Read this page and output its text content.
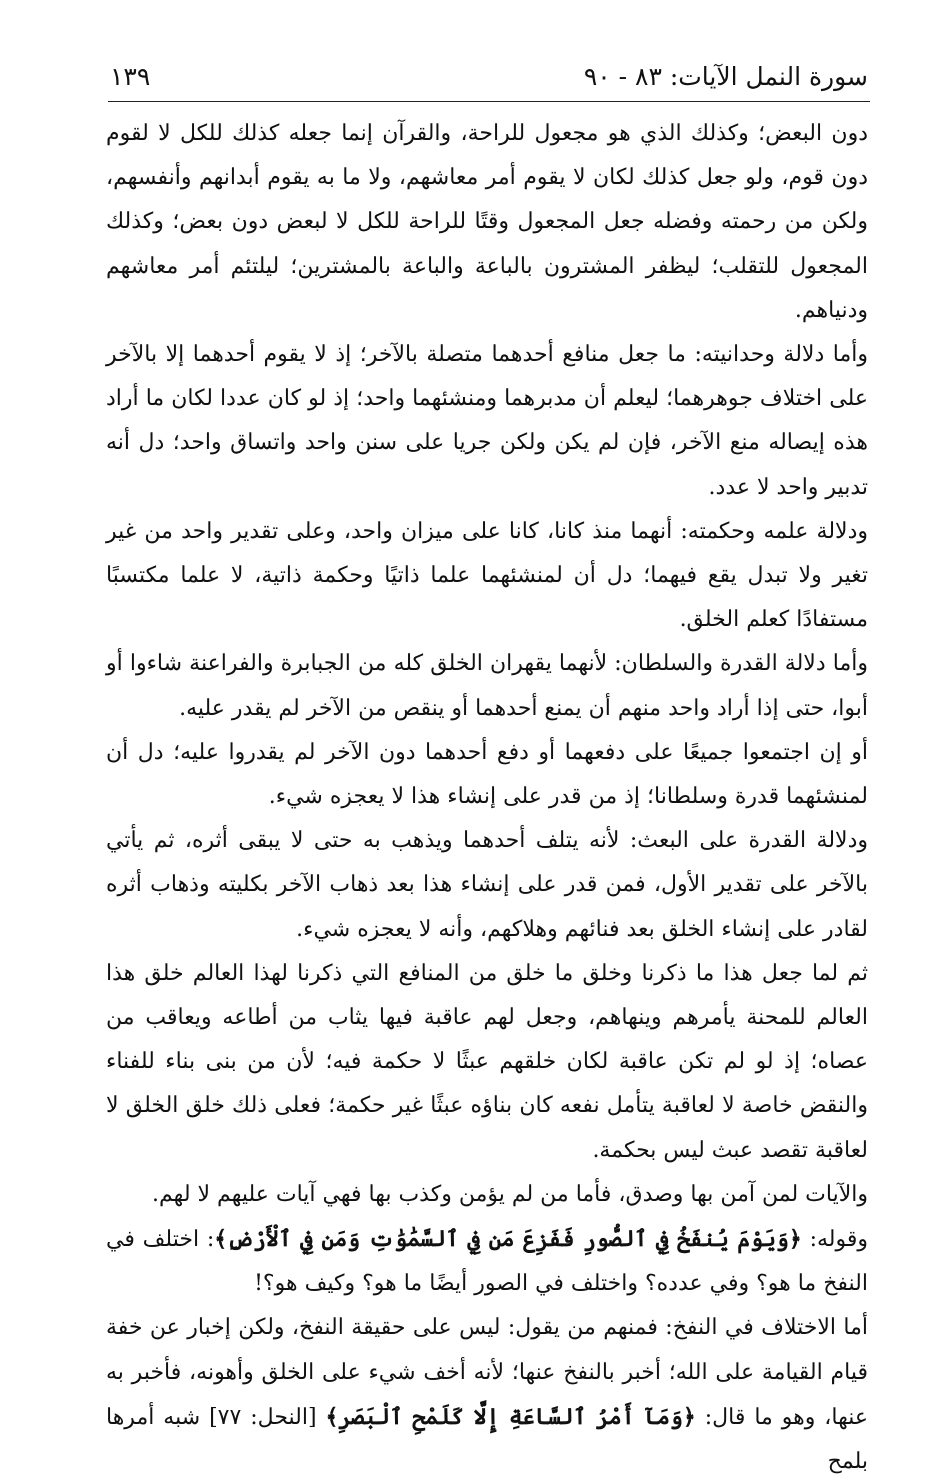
سورة النمل الآيات: ٨٣ - ٩٠
١٣٩

دون البعض؛ وكذلك الذي هو مجعول للراحة، والقرآن إنما جعله كذلك للكل لا لقوم دون قوم، ولو جعل كذلك لكان لا يقوم أمر معاشهم، ولا ما به يقوم أبدانهم وأنفسهم، ولكن من رحمته وفضله جعل المجعول وقتًا للراحة للكل لا لبعض دون بعض؛ وكذلك المجعول للتقلب؛ ليظفر المشترون بالباعة والباعة بالمشترين؛ ليلتئم أمر معاشهم ودنياهم.

وأما دلالة وحدانيته: ما جعل منافع أحدهما متصلة بالآخر؛ إذ لا يقوم أحدهما إلا بالآخر على اختلاف جوهرهما؛ ليعلم أن مدبرهما ومنشئهما واحد؛ إذ لو كان عددا لكان ما أراد هذه إيصاله منع الآخر، فإن لم يكن ولكن جريا على سنن واحد واتساق واحد؛ دل أنه تدبير واحد لا عدد.

ودلالة علمه وحكمته: أنهما منذ كانا، كانا على ميزان واحد، وعلى تقدير واحد من غير تغير ولا تبدل يقع فيهما؛ دل أن لمنشئهما علما ذاتيًا وحكمة ذاتية، لا علما مكتسبًا مستفادًا كعلم الخلق.

وأما دلالة القدرة والسلطان: لأنهما يقهران الخلق كله من الجبابرة والفراعنة شاءوا أو أبوا، حتى إذا أراد واحد منهم أن يمنع أحدهما أو ينقص من الآخر لم يقدر عليه.

أو إن اجتمعوا جميعًا على دفعهما أو دفع أحدهما دون الآخر لم يقدروا عليه؛ دل أن لمنشئهما قدرة وسلطانا؛ إذ من قدر على إنشاء هذا لا يعجزه شيء.

ودلالة القدرة على البعث: لأنه يتلف أحدهما ويذهب به حتى لا يبقى أثره، ثم يأتي بالآخر على تقدير الأول، فمن قدر على إنشاء هذا بعد ذهاب الآخر بكليته وذهاب أثره لقادر على إنشاء الخلق بعد فنائهم وهلاكهم، وأنه لا يعجزه شيء.

ثم لما جعل هذا ما ذكرنا وخلق ما خلق من المنافع التي ذكرنا لهذا العالم خلق هذا العالم للمحنة يأمرهم وينهاهم، وجعل لهم عاقبة فيها يثاب من أطاعه ويعاقب من عصاه؛ إذ لو لم تكن عاقبة لكان خلقهم عبثًا لا حكمة فيه؛ لأن من بنى بناء للفناء والنقض خاصة لا لعاقبة يتأمل نفعه كان بناؤه عبثًا غير حكمة؛ فعلى ذلك خلق الخلق لا لعاقبة تقصد عبث ليس بحكمة.

والآيات لمن آمن بها وصدق، فأما من لم يؤمن وكذب بها فهي آيات عليهم لا لهم.

وقوله: ﴿وَيَوْمَ يُنفَخُ فِي ٱلصُّورِ فَفَزِعَ مَن فِي ٱلسَّمَٰوَٰتِ وَمَن فِي ٱلْأَرْضِ﴾: اختلف في النفخ ما هو؟ وفي عدده؟ واختلف في الصور أيضًا ما هو؟ وكيف هو؟!

أما الاختلاف في النفخ: فمنهم من يقول: ليس على حقيقة النفخ، ولكن إخبار عن خفة قيام القيامة على الله؛ أخبر بالنفخ عنها؛ لأنه أخف شيء على الخلق وأهونه، فأخبر به عنها، وهو ما قال: ﴿وَمَآ أَمْرُ ٱلسَّاعَةِ إِلَّا كَلَمْحِ ٱلْبَصَرِ﴾ [النحل: ٧٧] شبه أمرها بلمح
